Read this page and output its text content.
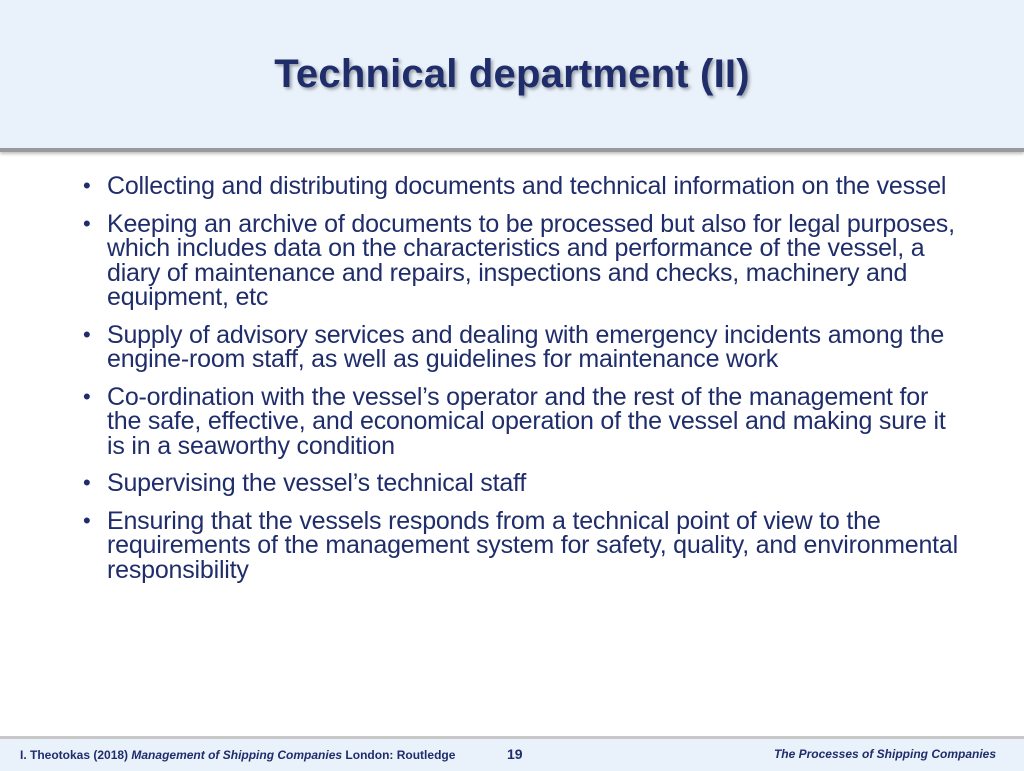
Technical department (II)
• Collecting and distributing documents and technical information on the vessel
• Keeping an archive of documents to be processed but also for legal purposes, which includes data on the characteristics and performance of the vessel, a diary of maintenance and repairs, inspections and checks, machinery and equipment, etc
• Supply of advisory services and dealing with emergency incidents among the engine-room staff, as well as guidelines for maintenance work
• Co-ordination with the vessel’s operator and the rest of the management for the safe, effective, and economical operation of the vessel and making sure it is in a seaworthy condition
• Supervising the vessel’s technical staff
• Ensuring that the vessels responds from a technical point of view to the requirements of the management system for safety, quality, and environmental responsibility
I. Theotokas (2018) Management of Shipping Companies London: Routledge	19	The Processes of Shipping Companies
